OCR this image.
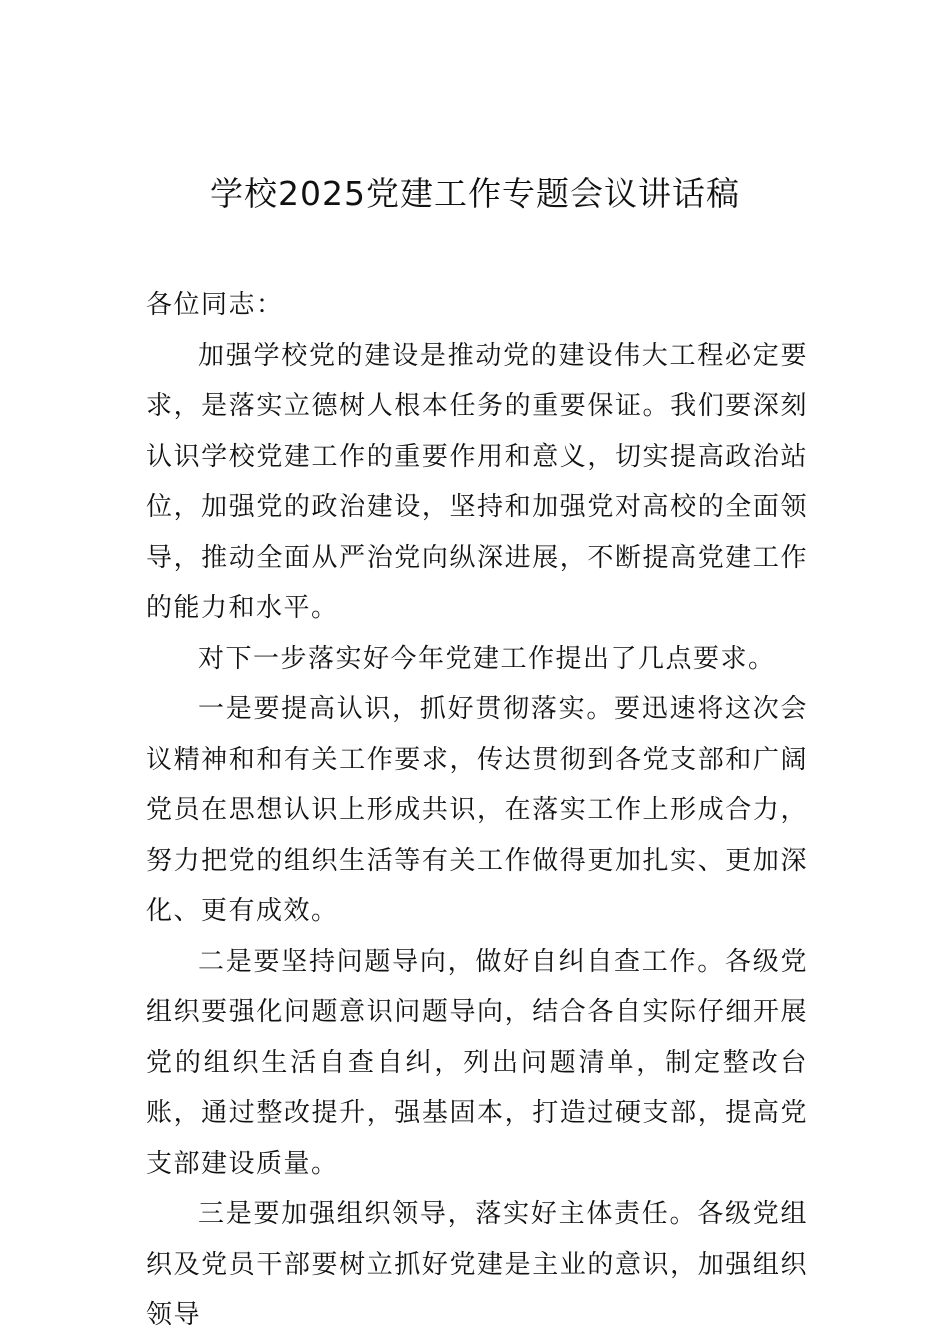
学校2025党建工作专题会议讲话稿

各位同志：

加强学校党的建设是推动党的建设伟大工程必定要求，是落实立德树人根本任务的重要保证。我们要深刻认识学校党建工作的重要作用和意义，切实提高政治站位，加强党的政治建设，坚持和加强党对高校的全面领导，推动全面从严治党向纵深进展，不断提高党建工作的能力和水平。

对下一步落实好今年党建工作提出了几点要求。

一是要提高认识，抓好贯彻落实。要迅速将这次会议精神和和有关工作要求，传达贯彻到各党支部和广阔党员在思想认识上形成共识，在落实工作上形成合力，努力把党的组织生活等有关工作做得更加扎实、更加深化、更有成效。

二是要坚持问题导向，做好自纠自查工作。各级党组织要强化问题意识问题导向，结合各自实际仔细开展党的组织生活自查自纠，列出问题清单，制定整改台账，通过整改提升，强基固本，打造过硬支部，提高党支部建设质量。

三是要加强组织领导，落实好主体责任。各级党组织及党员干部要树立抓好党建是主业的意识，加强组织领导
